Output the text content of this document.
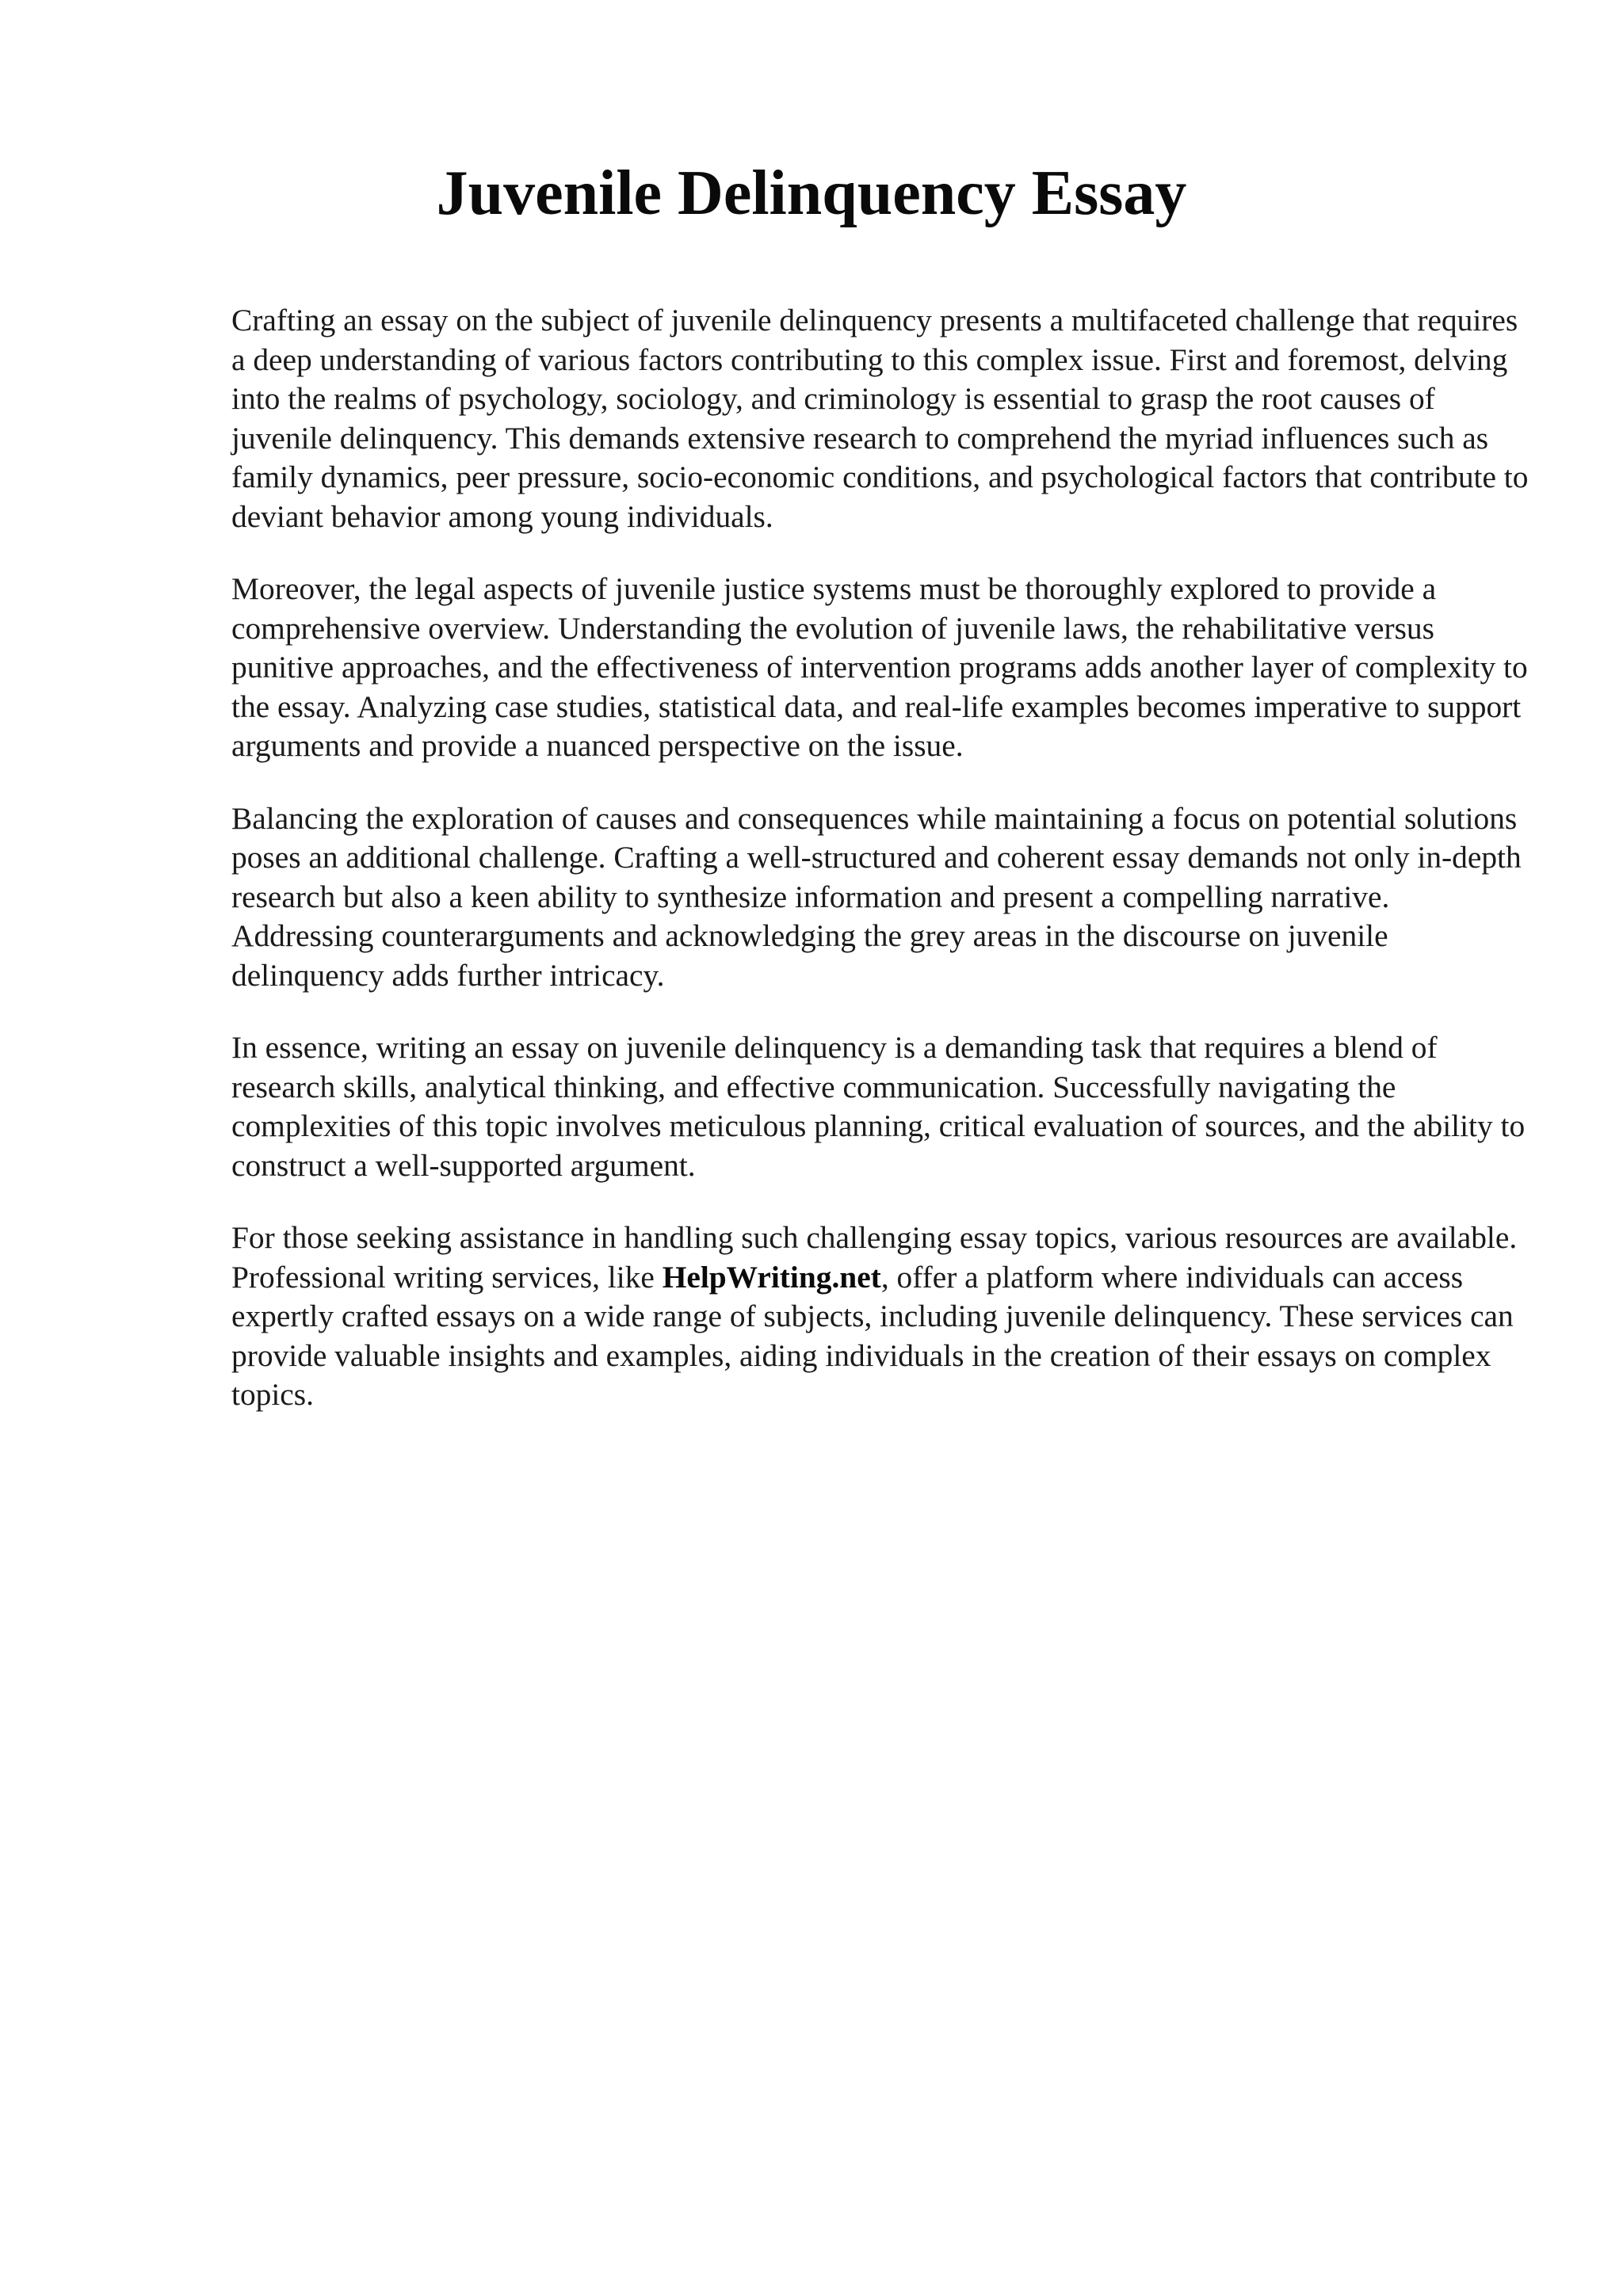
Juvenile Delinquency Essay

Crafting an essay on the subject of juvenile delinquency presents a multifaceted challenge that requires a deep understanding of various factors contributing to this complex issue. First and foremost, delving into the realms of psychology, sociology, and criminology is essential to grasp the root causes of juvenile delinquency. This demands extensive research to comprehend the myriad influences such as family dynamics, peer pressure, socio-economic conditions, and psychological factors that contribute to deviant behavior among young individuals.

Moreover, the legal aspects of juvenile justice systems must be thoroughly explored to provide a comprehensive overview. Understanding the evolution of juvenile laws, the rehabilitative versus punitive approaches, and the effectiveness of intervention programs adds another layer of complexity to the essay. Analyzing case studies, statistical data, and real-life examples becomes imperative to support arguments and provide a nuanced perspective on the issue.

Balancing the exploration of causes and consequences while maintaining a focus on potential solutions poses an additional challenge. Crafting a well-structured and coherent essay demands not only in-depth research but also a keen ability to synthesize information and present a compelling narrative. Addressing counterarguments and acknowledging the grey areas in the discourse on juvenile delinquency adds further intricacy.

In essence, writing an essay on juvenile delinquency is a demanding task that requires a blend of research skills, analytical thinking, and effective communication. Successfully navigating the complexities of this topic involves meticulous planning, critical evaluation of sources, and the ability to construct a well-supported argument.

For those seeking assistance in handling such challenging essay topics, various resources are available. Professional writing services, like HelpWriting.net, offer a platform where individuals can access expertly crafted essays on a wide range of subjects, including juvenile delinquency. These services can provide valuable insights and examples, aiding individuals in the creation of their essays on complex topics.
